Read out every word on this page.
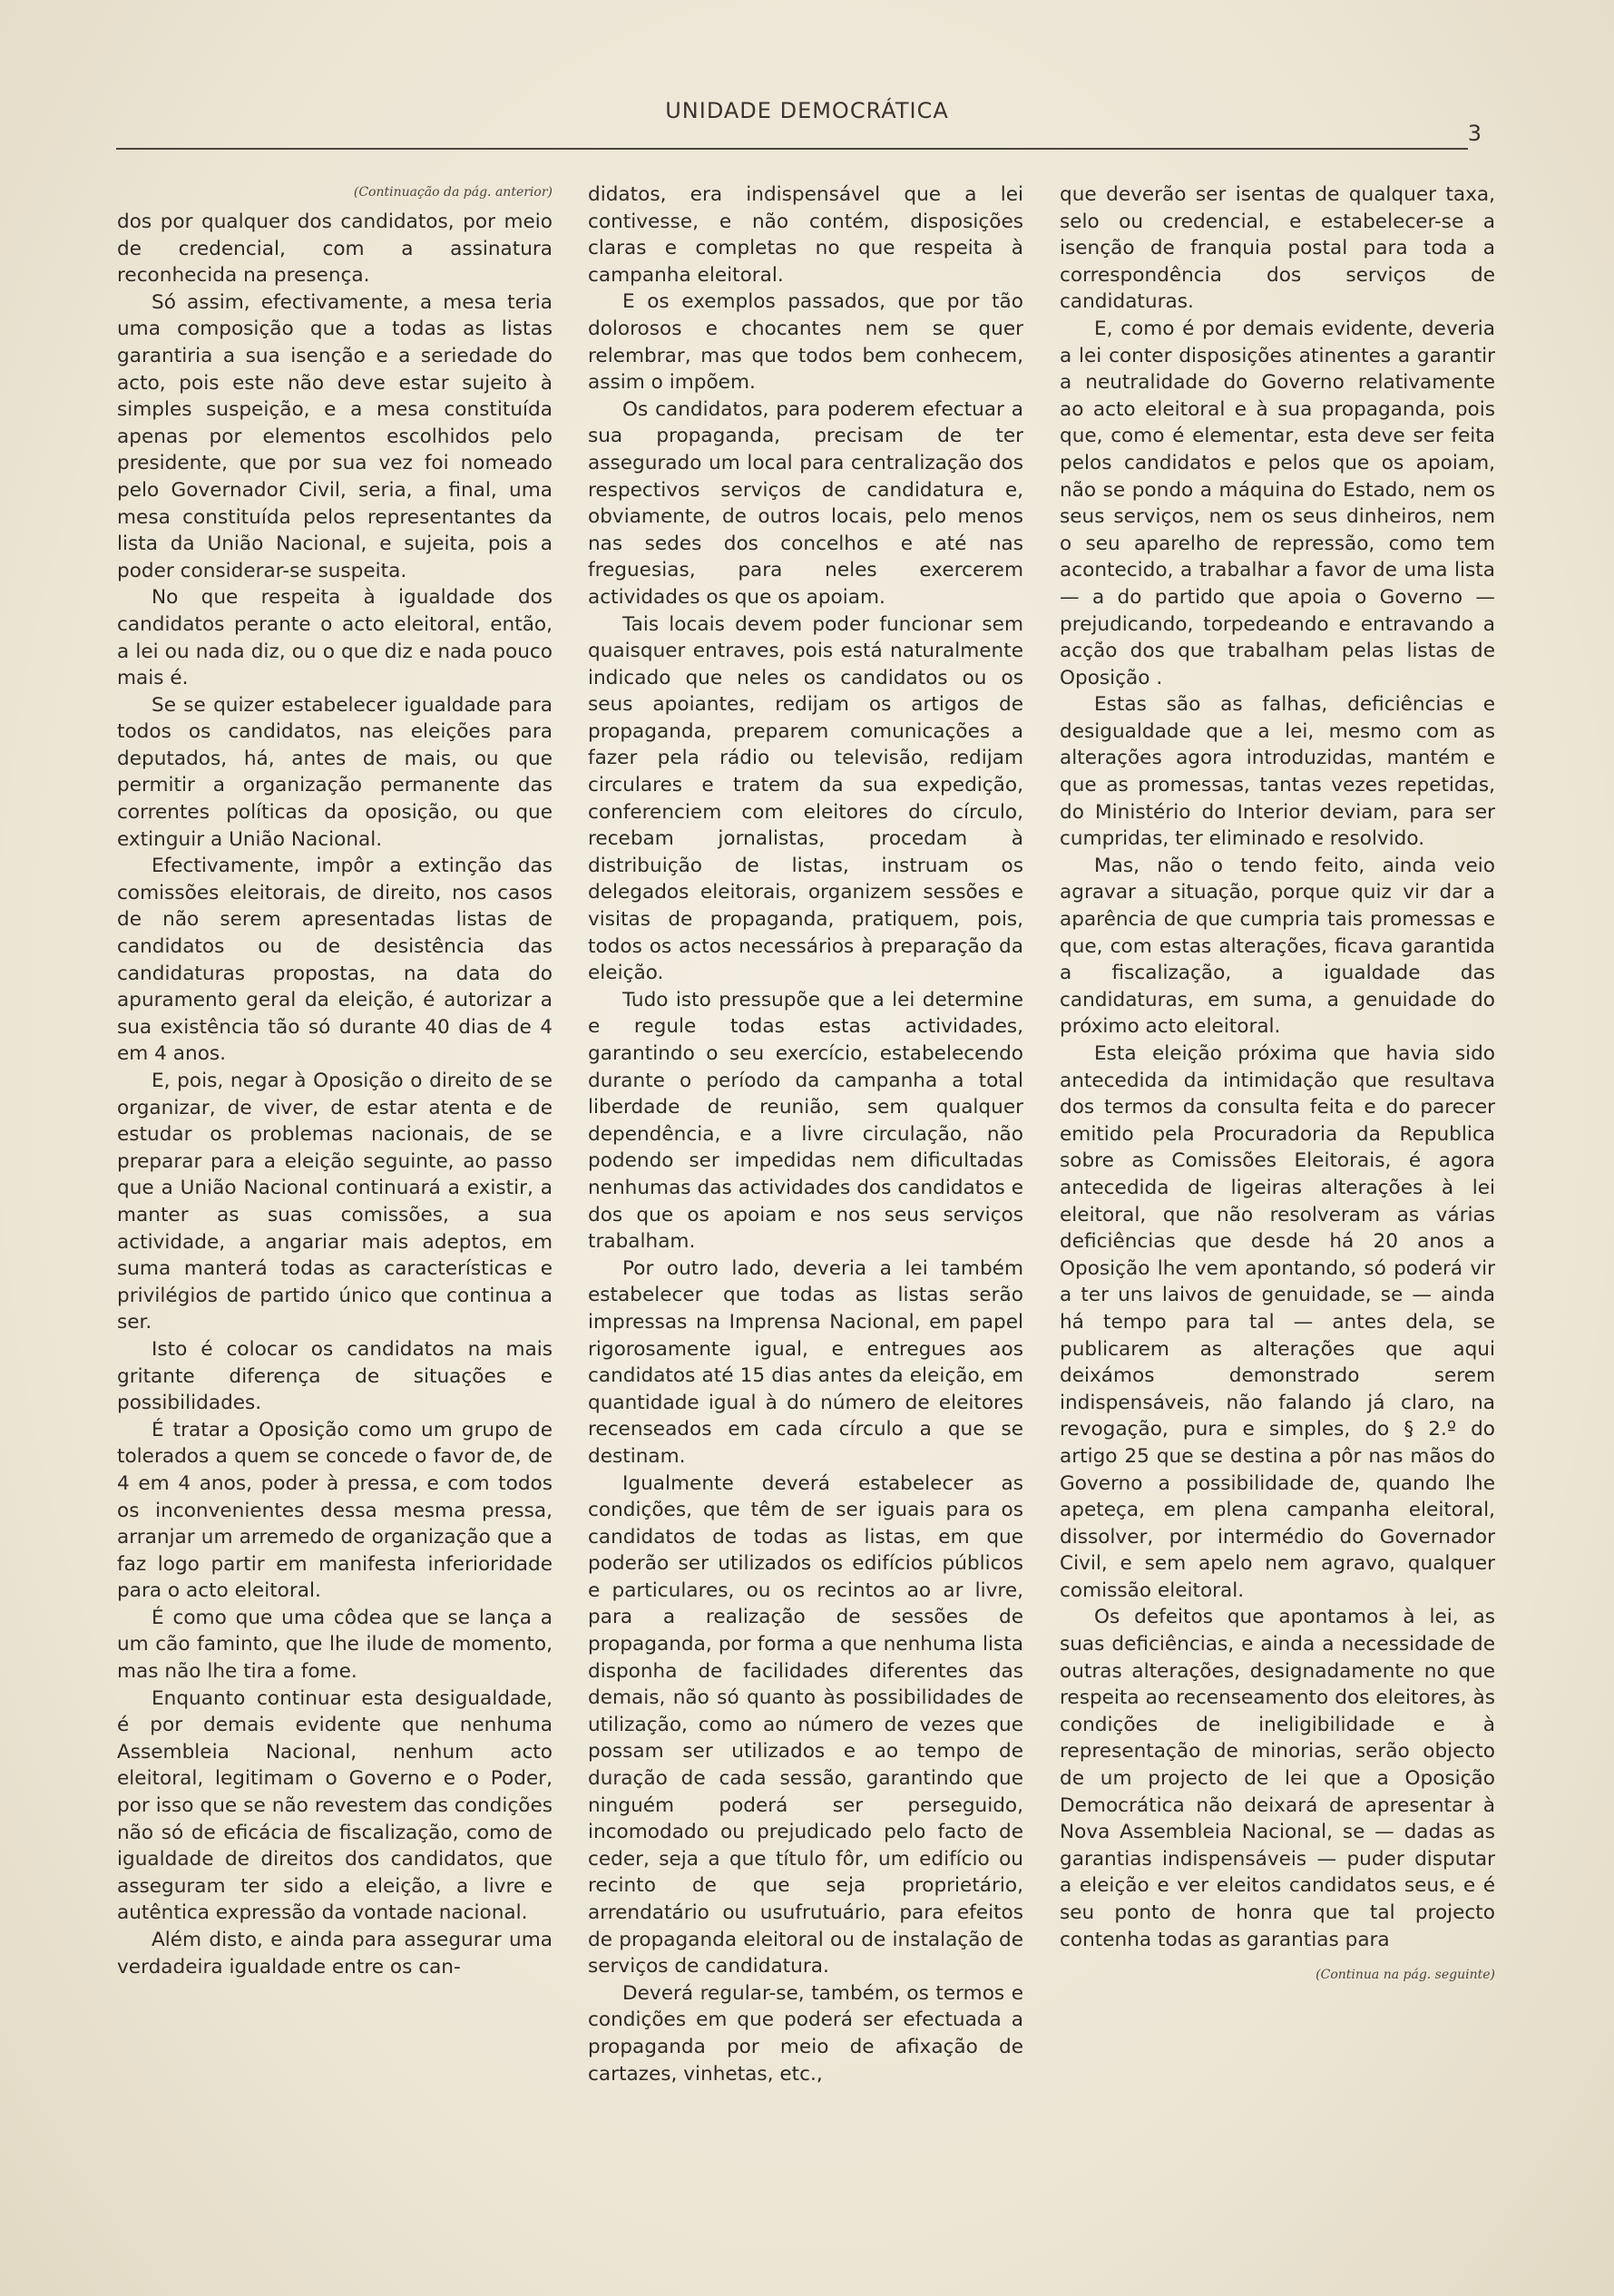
UNIDADE DEMOCRÁTICA
3

(Continuação da pág. anterior)

dos por qualquer dos candidatos, por meio de credencial, com a assinatura reconhecida na presença.

Só assim, efectivamente, a mesa teria uma composição que a todas as listas garantiria a sua isenção e a seriedade do acto, pois este não deve estar sujeito à simples suspeição, e a mesa constituída apenas por elementos escolhidos pelo presidente, que por sua vez foi nomeado pelo Governador Civil, seria, a final, uma mesa constituída pelos representantes da lista da União Nacional, e sujeita, pois a poder considerar-se suspeita.

No que respeita à igualdade dos candidatos perante o acto eleitoral, então, a lei ou nada diz, ou o que diz e nada pouco mais é.

Se se quizer estabelecer igualdade para todos os candidatos, nas eleições para deputados, há, antes de mais, ou que permitir a organização permanente das correntes políticas da oposição, ou que extinguir a União Nacional.

Efectivamente, impôr a extinção das comissões eleitorais, de direito, nos casos de não serem apresentadas listas de candidatos ou de desistência das candidaturas propostas, na data do apuramento geral da eleição, é autorizar a sua existência tão só durante 40 dias de 4 em 4 anos.

E, pois, negar à Oposição o direito de se organizar, de viver, de estar atenta e de estudar os problemas nacionais, de se preparar para a eleição seguinte, ao passo que a União Nacional continuará a existir, a manter as suas comissões, a sua actividade, a angariar mais adeptos, em suma manterá todas as características e privilégios de partido único que continua a ser.

Isto é colocar os candidatos na mais gritante diferença de situações e possibilidades.

É tratar a Oposição como um grupo de tolerados a quem se concede o favor de, de 4 em 4 anos, poder à pressa, e com todos os inconvenientes dessa mesma pressa, arranjar um arremedo de organização que a faz logo partir em manifesta inferioridade para o acto eleitoral.

É como que uma côdea que se lança a um cão faminto, que lhe ilude de momento, mas não lhe tira a fome.

Enquanto continuar esta desigualdade, é por demais evidente que nenhuma Assembleia Nacional, nenhum acto eleitoral, legitimam o Governo e o Poder, por isso que se não revestem das condições não só de eficácia de fiscalização, como de igualdade de direitos dos candidatos, que asseguram ter sido a eleição, a livre e autêntica expressão da vontade nacional.

Além disto, e ainda para assegurar uma verdadeira igualdade entre os can-

didatos, era indispensável que a lei contivesse, e não contém, disposições claras e completas no que respeita à campanha eleitoral.

E os exemplos passados, que por tão dolorosos e chocantes nem se quer relembrar, mas que todos bem conhecem, assim o impõem.

Os candidatos, para poderem efectuar a sua propaganda, precisam de ter assegurado um local para centralização dos respectivos serviços de candidatura e, obviamente, de outros locais, pelo menos nas sedes dos concelhos e até nas freguesias, para neles exercerem actividades os que os apoiam.

Tais locais devem poder funcionar sem quaisquer entraves, pois está naturalmente indicado que neles os candidatos ou os seus apoiantes, redijam os artigos de propaganda, preparem comunicações a fazer pela rádio ou televisão, redijam circulares e tratem da sua expedição, conferenciem com eleitores do círculo, recebam jornalistas, procedam à distribuição de listas, instruam os delegados eleitorais, organizem sessões e visitas de propaganda, pratiquem, pois, todos os actos necessários à preparação da eleição.

Tudo isto pressupõe que a lei determine e regule todas estas actividades, garantindo o seu exercício, estabelecendo durante o período da campanha a total liberdade de reunião, sem qualquer dependência, e a livre circulação, não podendo ser impedidas nem dificultadas nenhumas das actividades dos candidatos e dos que os apoiam e nos seus serviços trabalham.

Por outro lado, deveria a lei também estabelecer que todas as listas serão impressas na Imprensa Nacional, em papel rigorosamente igual, e entregues aos candidatos até 15 dias antes da eleição, em quantidade igual à do número de eleitores recenseados em cada círculo a que se destinam.

Igualmente deverá estabelecer as condições, que têm de ser iguais para os candidatos de todas as listas, em que poderão ser utilizados os edifícios públicos e particulares, ou os recintos ao ar livre, para a realização de sessões de propaganda, por forma a que nenhuma lista disponha de facilidades diferentes das demais, não só quanto às possibilidades de utilização, como ao número de vezes que possam ser utilizados e ao tempo de duração de cada sessão, garantindo que ninguém poderá ser perseguido, incomodado ou prejudicado pelo facto de ceder, seja a que título fôr, um edifício ou recinto de que seja proprietário, arrendatário ou usufrutuário, para efeitos de propaganda eleitoral ou de instalação de serviços de candidatura.

Deverá regular-se, também, os termos e condições em que poderá ser efectuada a propaganda por meio de afixação de cartazes, vinhetas, etc.,

que deverão ser isentas de qualquer taxa, selo ou credencial, e estabelecer-se a isenção de franquia postal para toda a correspondência dos serviços de candidaturas.

E, como é por demais evidente, deveria a lei conter disposições atinentes a garantir a neutralidade do Governo relativamente ao acto eleitoral e à sua propaganda, pois que, como é elementar, esta deve ser feita pelos candidatos e pelos que os apoiam, não se pondo a máquina do Estado, nem os seus serviços, nem os seus dinheiros, nem o seu aparelho de repressão, como tem acontecido, a trabalhar a favor de uma lista — a do partido que apoia o Governo — prejudicando, torpedeando e entravando a acção dos que trabalham pelas listas de Oposição .

Estas são as falhas, deficiências e desigualdade que a lei, mesmo com as alterações agora introduzidas, mantém e que as promessas, tantas vezes repetidas, do Ministério do Interior deviam, para ser cumpridas, ter eliminado e resolvido.

Mas, não o tendo feito, ainda veio agravar a situação, porque quiz vir dar a aparência de que cumpria tais promessas e que, com estas alterações, ficava garantida a fiscalização, a igualdade das candidaturas, em suma, a genuidade do próximo acto eleitoral.

Esta eleição próxima que havia sido antecedida da intimidação que resultava dos termos da consulta feita e do parecer emitido pela Procuradoria da Republica sobre as Comissões Eleitorais, é agora antecedida de ligeiras alterações à lei eleitoral, que não resolveram as várias deficiências que desde há 20 anos a Oposição lhe vem apontando, só poderá vir a ter uns laivos de genuidade, se — ainda há tempo para tal — antes dela, se publicarem as alterações que aqui deixámos demonstrado serem indispensáveis, não falando já claro, na revogação, pura e simples, do § 2.º do artigo 25 que se destina a pôr nas mãos do Governo a possibilidade de, quando lhe apeteça, em plena campanha eleitoral, dissolver, por intermédio do Governador Civil, e sem apelo nem agravo, qualquer comissão eleitoral.

Os defeitos que apontamos à lei, as suas deficiências, e ainda a necessidade de outras alterações, designadamente no que respeita ao recenseamento dos eleitores, às condições de ineligibilidade e à representação de minorias, serão objecto de um projecto de lei que a Oposição Democrática não deixará de apresentar à Nova Assembleia Nacional, se — dadas as garantias indispensáveis — puder disputar a eleição e ver eleitos candidatos seus, e é seu ponto de honra que tal projecto contenha todas as garantias para

(Continua na pág. seguinte)
